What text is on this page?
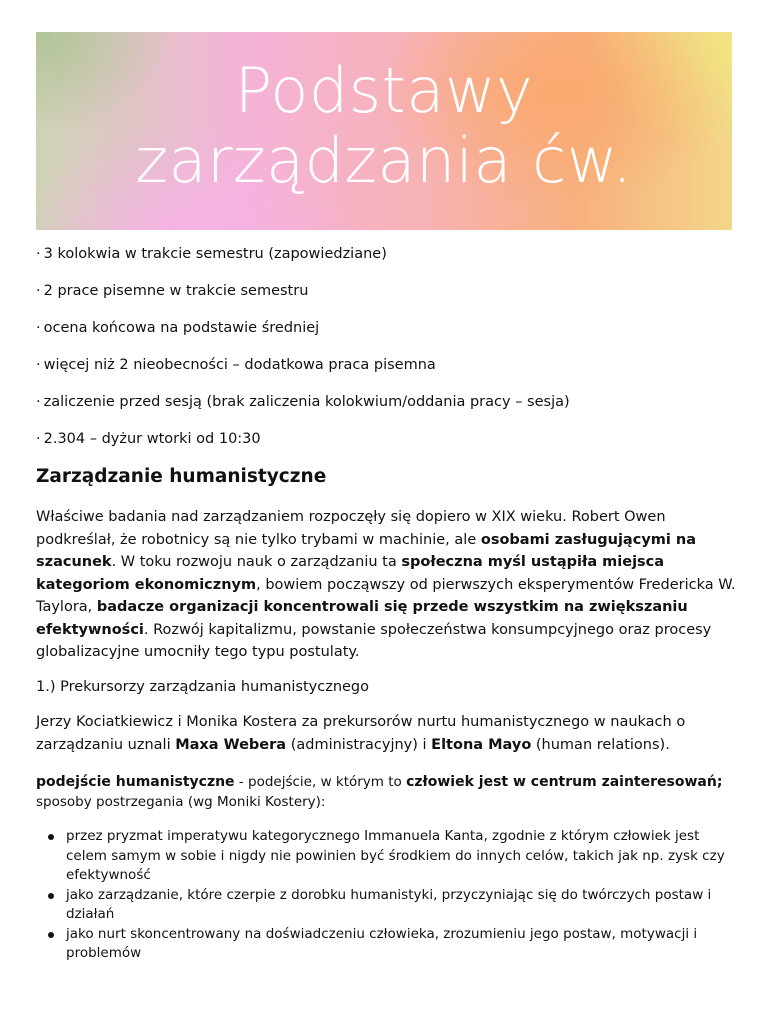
Podstawy
zarządzania ćw.
· 3 kolokwia w trakcie semestru (zapowiedziane)
· 2 prace pisemne w trakcie semestru
· ocena końcowa na podstawie średniej
· więcej niż 2 nieobecności – dodatkowa praca pisemna
· zaliczenie przed sesją (brak zaliczenia kolokwium/oddania pracy – sesja)
· 2.304 – dyżur wtorki od 10:30
Zarządzanie humanistyczne
Właściwe badania nad zarządzaniem rozpoczęły się dopiero w XIX wieku. Robert Owen podkreślał, że robotnicy są nie tylko trybami w machinie, ale osobami zasługującymi na szacunek. W toku rozwoju nauk o zarządzaniu ta społeczna myśl ustąpiła miejsca kategoriom ekonomicznym, bowiem począwszy od pierwszych eksperymentów Fredericka W. Taylora, badacze organizacji koncentrowali się przede wszystkim na zwiększaniu efektywności. Rozwój kapitalizmu, powstanie społeczeństwa konsumpcyjnego oraz procesy globalizacyjne umocniły tego typu postulaty.
1.) Prekursorzy zarządzania humanistycznego
Jerzy Kociatkiewicz i Monika Kostera za prekursorów nurtu humanistycznego w naukach o zarządzaniu uznali Maxa Webera (administracyjny) i Eltona Mayo (human relations).
podejście humanistyczne - podejście, w którym to człowiek jest w centrum zainteresowań;
sposoby postrzegania (wg Moniki Kostery):
przez pryzmat imperatywu kategorycznego Immanuela Kanta, zgodnie z którym człowiek jest celem samym w sobie i nigdy nie powinien być środkiem do innych celów, takich jak np. zysk czy efektywność
jako zarządzanie, które czerpie z dorobku humanistyki, przyczyniając się do twórczych postaw i działań
jako nurt skoncentrowany na doświadczeniu człowieka, zrozumieniu jego postaw, motywacji i problemów
